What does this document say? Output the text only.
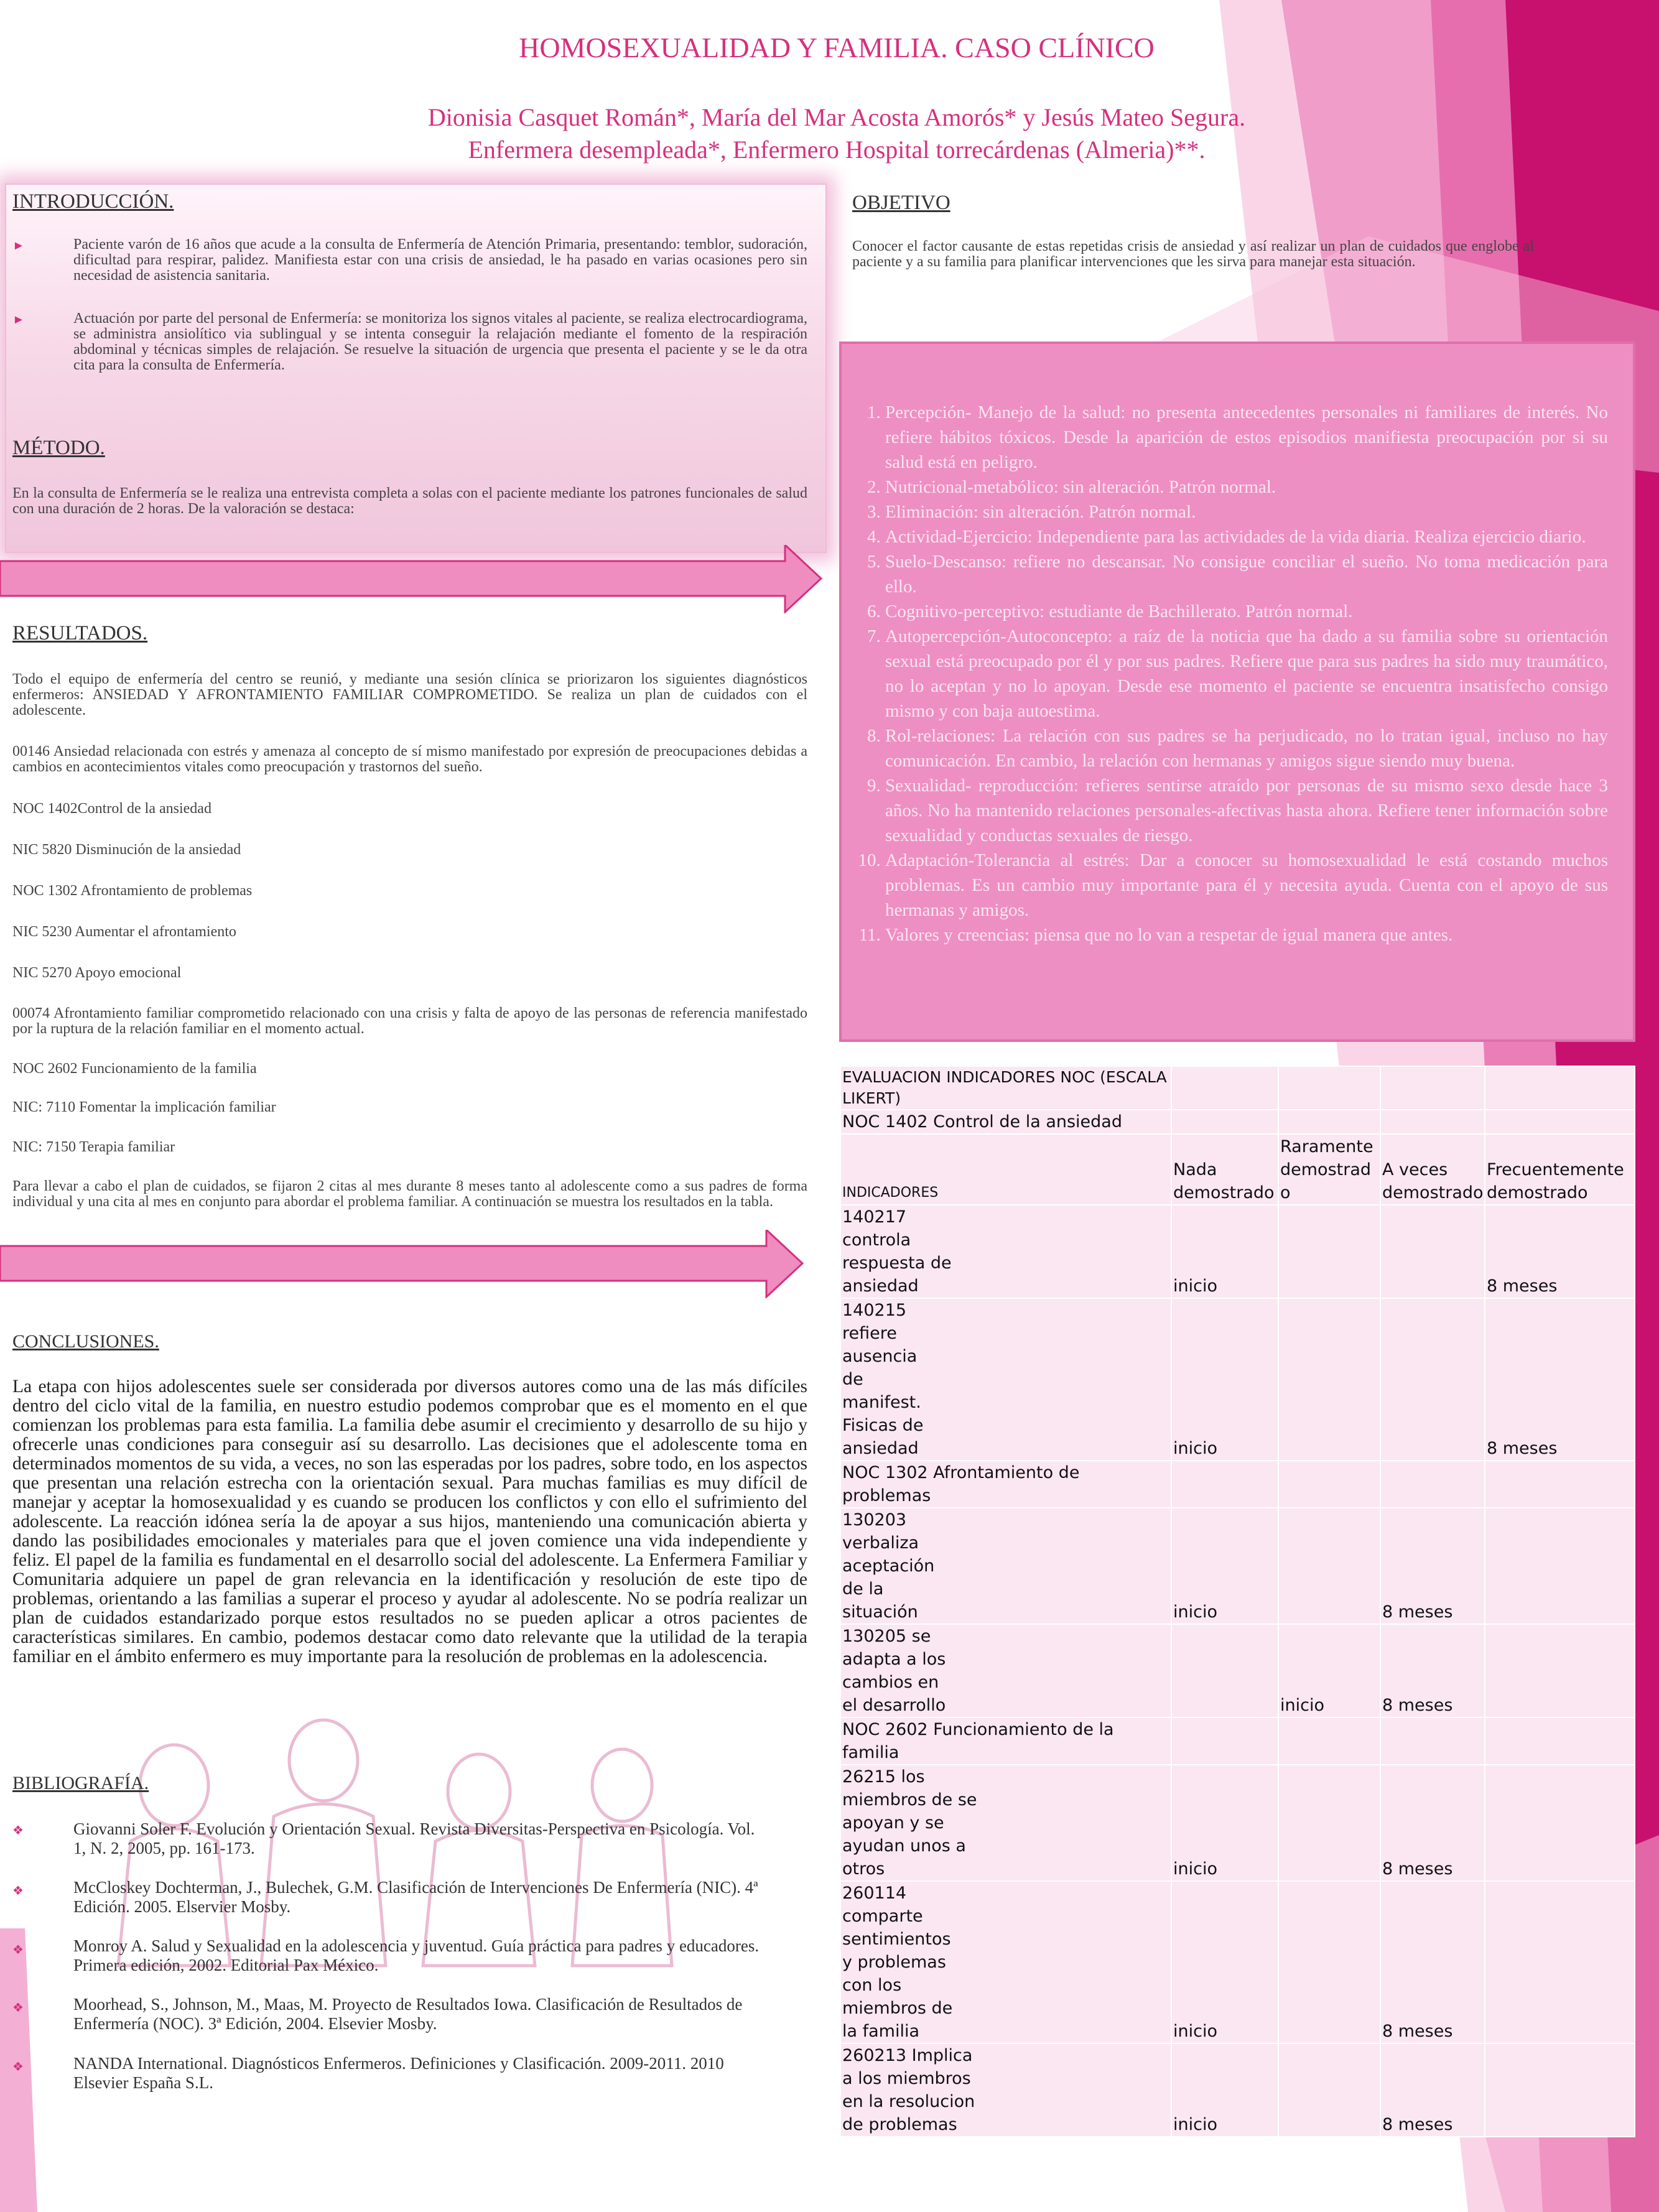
HOMOSEXUALIDAD Y FAMILIA. CASO CLÍNICO
Dionisia Casquet Román*, María del Mar Acosta Amorós* y Jesús Mateo Segura.
Enfermera desempleada*, Enfermero Hospital torrecárdenas (Almeria)**.
INTRODUCCIÓN.
►	Paciente varón de 16 años que acude a la consulta de Enfermería de Atención Primaria, presentando: temblor, sudoración, dificultad para respirar, palidez. Manifiesta estar con una crisis de ansiedad, le ha pasado en varias ocasiones pero sin necesidad de asistencia sanitaria.
►	Actuación por parte del personal de Enfermería: se monitoriza los signos vitales al paciente, se realiza electrocardiograma, se administra ansiolítico via sublingual y se intenta conseguir la relajación mediante el fomento de la respiración abdominal y técnicas simples de relajación. Se resuelve la situación de urgencia que presenta el paciente y se le da otra cita para la consulta de Enfermería.
MÉTODO.
En la consulta de Enfermería se le realiza una entrevista completa a solas con el paciente mediante los patrones funcionales de salud con una duración de 2 horas. De la valoración se destaca:
RESULTADOS.
Todo el equipo de enfermería del centro se reunió, y mediante una sesión clínica se priorizaron los siguientes diagnósticos enfermeros: ANSIEDAD Y AFRONTAMIENTO FAMILIAR COMPROMETIDO. Se realiza un plan de cuidados con el adolescente.
00146 Ansiedad relacionada con estrés y amenaza al concepto de sí mismo manifestado por expresión de preocupaciones debidas a cambios en acontecimientos vitales como preocupación y trastornos del sueño.
NOC 1402Control de la ansiedad
NIC 5820 Disminución de la ansiedad
NOC 1302 Afrontamiento de problemas
NIC 5230 Aumentar el afrontamiento
NIC 5270 Apoyo emocional
00074 Afrontamiento familiar comprometido relacionado con una crisis y falta de apoyo de las personas de referencia manifestado por la ruptura de la relación familiar en el momento actual.
NOC 2602 Funcionamiento de la familia
NIC: 7110 Fomentar la implicación familiar
NIC: 7150 Terapia familiar
Para llevar a cabo el plan de cuidados, se fijaron 2 citas al mes durante 8 meses tanto al adolescente como a sus padres de forma individual y una cita al mes en conjunto para abordar el problema familiar. A continuación se muestra los resultados en la tabla.
CONCLUSIONES.
La etapa con hijos adolescentes suele ser considerada por diversos autores como una de las más difíciles dentro del ciclo vital de la familia, en nuestro estudio podemos comprobar que es el momento en el que comienzan los problemas para esta familia. La familia debe asumir el crecimiento y desarrollo de su hijo y ofrecerle unas condiciones para conseguir así su desarrollo. Las decisiones que el adolescente toma en determinados momentos de su vida, a veces, no son las esperadas por los padres, sobre todo, en los aspectos que presentan una relación estrecha con la orientación sexual. Para muchas familias es muy difícil de manejar y aceptar la homosexualidad y es cuando se producen los conflictos y con ello el sufrimiento del adolescente. La reacción idónea sería la de apoyar a sus hijos, manteniendo una comunicación abierta y dando las posibilidades emocionales y materiales para que el joven comience una vida independiente y feliz. El papel de la familia es fundamental en el desarrollo social del adolescente. La Enfermera Familiar y Comunitaria adquiere un papel de gran relevancia en la identificación y resolución de este tipo de problemas, orientando a las familias a superar el proceso y ayudar al adolescente. No se podría realizar un plan de cuidados estandarizado porque estos resultados no se pueden aplicar a otros pacientes de características similares. En cambio, podemos destacar como dato relevante que la utilidad de la terapia familiar en el ámbito enfermero es muy importante para la resolución de problemas en la adolescencia.
BIBLIOGRAFÍA.
❖	Giovanni Soler F. Evolución y Orientación Sexual. Revista Diversitas-Perspectiva en Psicología. Vol. 1, N. 2, 2005, pp. 161-173.
❖	McCloskey Dochterman, J., Bulechek, G.M. Clasificación de Intervenciones De Enfermería (NIC). 4ª Edición. 2005. Elservier Mosby.
❖	Monroy A. Salud y Sexualidad en la adolescencia y juventud. Guía práctica para padres y educadores. Primera edición, 2002. Editorial Pax México.
❖	Moorhead, S., Johnson, M., Maas, M. Proyecto de Resultados Iowa. Clasificación de Resultados de Enfermería (NOC). 3ª Edición, 2004. Elsevier Mosby.
❖	NANDA International. Diagnósticos Enfermeros. Definiciones y Clasificación. 2009-2011. 2010 Elsevier España S.L.
OBJETIVO
Conocer el factor causante de estas repetidas crisis de ansiedad y así realizar un plan de cuidados que englobe al paciente y a su familia para planificar intervenciones que les sirva para manejar esta situación.
1. Percepción- Manejo de la salud: no presenta antecedentes personales ni familiares de interés. No refiere hábitos tóxicos. Desde la aparición de estos episodios manifiesta preocupación por si su salud está en peligro.
2. Nutricional-metabólico: sin alteración. Patrón normal.
3. Eliminación: sin alteración. Patrón normal.
4. Actividad-Ejercicio: Independiente para las actividades de la vida diaria. Realiza ejercicio diario.
5. Suelo-Descanso: refiere no descansar. No consigue conciliar el sueño. No toma medicación para ello.
6. Cognitivo-perceptivo: estudiante de Bachillerato. Patrón normal.
7. Autopercepción-Autoconcepto: a raíz de la noticia que ha dado a su familia sobre su orientación sexual está preocupado por él y por sus padres. Refiere que para sus padres ha sido muy traumático, no lo aceptan y no lo apoyan. Desde ese momento el paciente se encuentra insatisfecho consigo mismo y con baja autoestima.
8. Rol-relaciones: La relación con sus padres se ha perjudicado, no lo tratan igual, incluso no hay comunicación. En cambio, la relación con hermanas y amigos sigue siendo muy buena.
9. Sexualidad- reproducción: refieres sentirse atraído por personas de su mismo sexo desde hace 3 años. No ha mantenido relaciones personales-afectivas hasta ahora. Refiere tener información sobre sexualidad y conductas sexuales de riesgo.
10. Adaptación-Tolerancia al estrés: Dar a conocer su homosexualidad le está costando muchos problemas. Es un cambio muy importante para él y necesita ayuda. Cuenta con el apoyo de sus hermanas y amigos.
11. Valores y creencias: piensa que no lo van a respetar de igual manera que antes.
EVALUACION INDICADORES NOC (ESCALA LIKERT)				
NOC 1402 Control de la ansiedad				
INDICADORES	Nada demostrado	Raramente demostrad o	A veces demostrado	Frecuentemente demostrado

140217 controla respuesta de ansiedad	inicio			8 meses

140215 refiere ausencia de manifest. Fisicas de ansiedad	inicio			8 meses

NOC 1302 Afrontamiento de problemas				

130203 verbaliza aceptación de la situación	inicio		8 meses	

130205 se adapta a los cambios en el desarrollo		inicio	8 meses	

NOC 2602 Funcionamiento de la familia				

26215 los miembros de se apoyan y se ayudan unos a otros	inicio		8 meses	

260114 comparte sentimientos y problemas con los miembros de la familia	inicio		8 meses	

260213 Implica a los miembros en la resolucion de problemas	inicio		8 meses	
